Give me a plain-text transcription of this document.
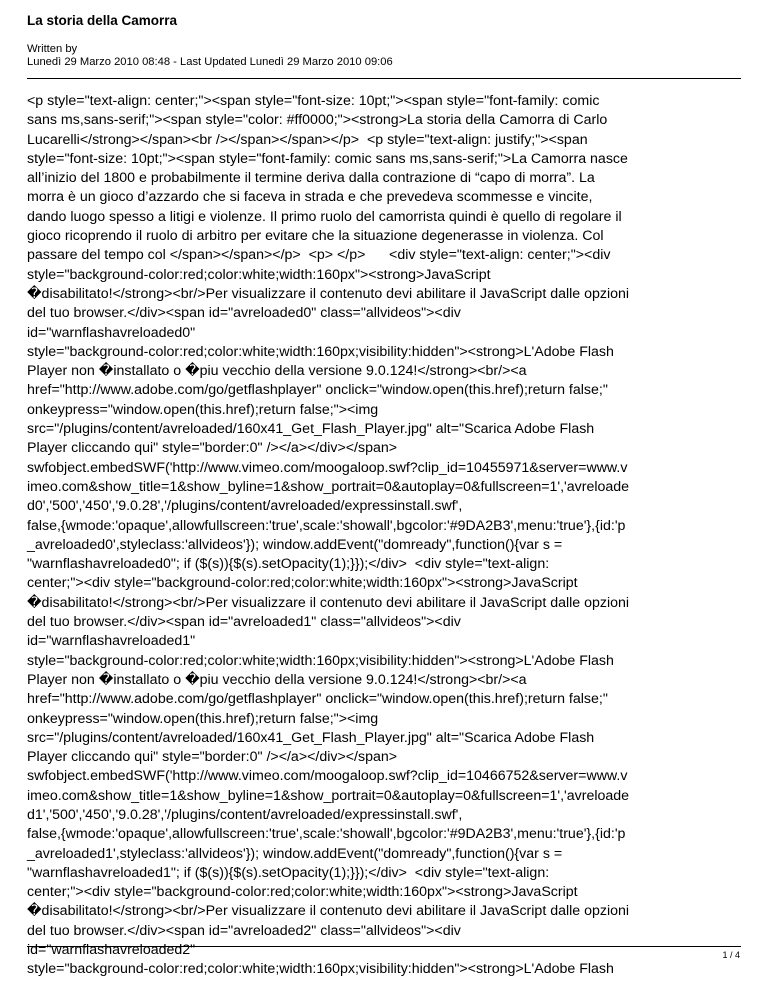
La storia della Camorra
Written by
Lunedì 29 Marzo 2010 08:48 - Last Updated Lunedì 29 Marzo 2010 09:06
<p style="text-align: center;"><span style="font-size: 10pt;"><span style="font-family: comic
sans ms,sans-serif;"><span style="color: #ff0000;"><strong>La storia della Camorra di Carlo
Lucarelli</strong></span><br /></span></span></p>  <p style="text-align: justify;"><span
style="font-size: 10pt;"><span style="font-family: comic sans ms,sans-serif;">La Camorra nasce
all’inizio del 1800 e probabilmente il termine deriva dalla contrazione di “capo di morra”. La
morra è un gioco d’azzardo che si faceva in strada e che prevedeva scommesse e vincite,
dando luogo spesso a litigi e violenze. Il primo ruolo del camorrista quindi è quello di regolare il
gioco ricoprendo il ruolo di arbitro per evitare che la situazione degenerasse in violenza. Col
passare del tempo col </span></span></p>  <p> </p>      <div style="text-align: center;"><div
style="background-color:red;color:white;width:160px"><strong>JavaScript
�disabilitato!</strong><br/>Per visualizzare il contenuto devi abilitare il JavaScript dalle opzioni
del tuo browser.</div><span id="avreloaded0" class="allvideos"><div
id="warnflashavreloaded0"
style="background-color:red;color:white;width:160px;visibility:hidden"><strong>L'Adobe Flash
Player non �installato o �piu vecchio della versione 9.0.124!</strong><br/><a
href="http://www.adobe.com/go/getflashplayer" onclick="window.open(this.href);return false;"
onkeypress="window.open(this.href);return false;"><img
src="/plugins/content/avreloaded/160x41_Get_Flash_Player.jpg" alt="Scarica Adobe Flash
Player cliccando qui" style="border:0" /></a></div></span>
swfobject.embedSWF('http://www.vimeo.com/moogaloop.swf?clip_id=10455971&server=www.v
imeo.com&show_title=1&show_byline=1&show_portrait=0&autoplay=0&fullscreen=1','avreloade
d0','500','450','9.0.28','/plugins/content/avreloaded/expressinstall.swf',
false,{wmode:'opaque',allowfullscreen:'true',scale:'showall',bgcolor:'#9DA2B3',menu:'true'},{id:'p
_avreloaded0',styleclass:'allvideos'}); window.addEvent("domready",function(){var s =
"warnflashavreloaded0"; if ($(s)){$(s).setOpacity(1);}});</div>  <div style="text-align:
center;"><div style="background-color:red;color:white;width:160px"><strong>JavaScript
�disabilitato!</strong><br/>Per visualizzare il contenuto devi abilitare il JavaScript dalle opzioni
del tuo browser.</div><span id="avreloaded1" class="allvideos"><div
id="warnflashavreloaded1"
style="background-color:red;color:white;width:160px;visibility:hidden"><strong>L'Adobe Flash
Player non �installato o �piu vecchio della versione 9.0.124!</strong><br/><a
href="http://www.adobe.com/go/getflashplayer" onclick="window.open(this.href);return false;"
onkeypress="window.open(this.href);return false;"><img
src="/plugins/content/avreloaded/160x41_Get_Flash_Player.jpg" alt="Scarica Adobe Flash
Player cliccando qui" style="border:0" /></a></div></span>
swfobject.embedSWF('http://www.vimeo.com/moogaloop.swf?clip_id=10466752&server=www.v
imeo.com&show_title=1&show_byline=1&show_portrait=0&autoplay=0&fullscreen=1','avreloade
d1','500','450','9.0.28','/plugins/content/avreloaded/expressinstall.swf',
false,{wmode:'opaque',allowfullscreen:'true',scale:'showall',bgcolor:'#9DA2B3',menu:'true'},{id:'p
_avreloaded1',styleclass:'allvideos'}); window.addEvent("domready",function(){var s =
"warnflashavreloaded1"; if ($(s)){$(s).setOpacity(1);}});</div>  <div style="text-align:
center;"><div style="background-color:red;color:white;width:160px"><strong>JavaScript
�disabilitato!</strong><br/>Per visualizzare il contenuto devi abilitare il JavaScript dalle opzioni
del tuo browser.</div><span id="avreloaded2" class="allvideos"><div
id="warnflashavreloaded2"
style="background-color:red;color:white;width:160px;visibility:hidden"><strong>L'Adobe Flash
1 / 4
